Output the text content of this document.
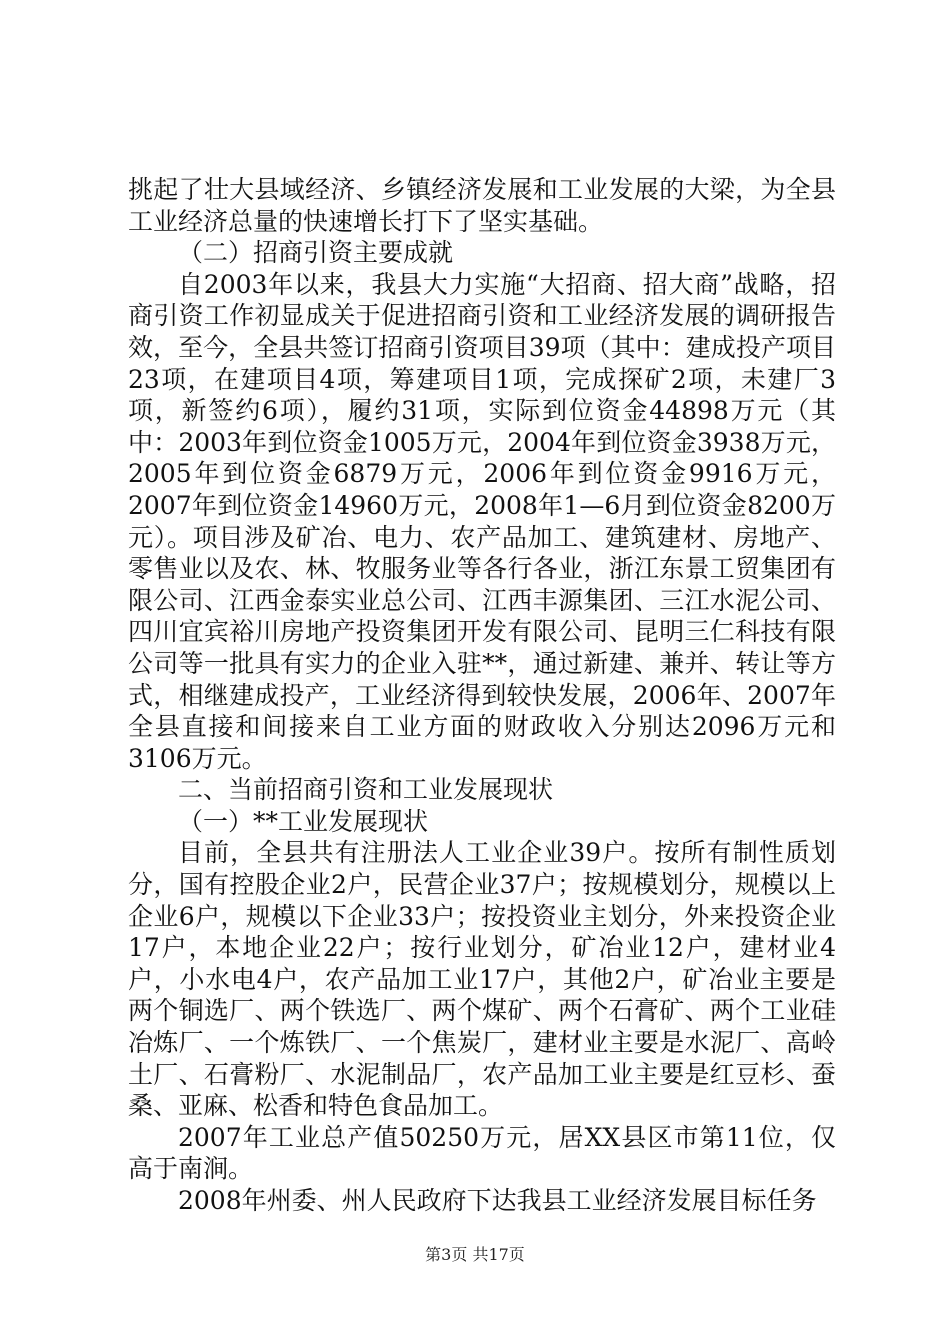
挑起了壮大县域经济、乡镇经济发展和工业发展的大梁，为全县工业经济总量的快速增长打下了坚实基础。

（二）招商引资主要成就

自2003年以来，我县大力实施“大招商、招大商”战略，招商引资工作初显成关于促进招商引资和工业经济发展的调研报告效，至今，全县共签订招商引资项目39项（其中：建成投产项目23项，在建项目4项，筹建项目1项，完成探矿2项，未建厂3项，新签约6项），履约31项，实际到位资金44898万元（其中：2003年到位资金1005万元，2004年到位资金3938万元，2005年到位资金6879万元，2006年到位资金9916万元，2007年到位资金14960万元，2008年1—6月到位资金8200万元）。项目涉及矿冶、电力、农产品加工、建筑建材、房地产、零售业以及农、林、牧服务业等各行各业，浙江东景工贸集团有限公司、江西金泰实业总公司、江西丰源集团、三江水泥公司、四川宜宾裕川房地产投资集团开发有限公司、昆明三仁科技有限公司等一批具有实力的企业入驻**，通过新建、兼并、转让等方式，相继建成投产，工业经济得到较快发展，2006年、2007年全县直接和间接来自工业方面的财政收入分别达2096万元和3106万元。

二、当前招商引资和工业发展现状

（一）**工业发展现状

目前，全县共有注册法人工业企业39户。按所有制性质划分，国有控股企业2户，民营企业37户；按规模划分，规模以上企业6户，规模以下企业33户；按投资业主划分，外来投资企业17户，本地企业22户；按行业划分，矿冶业12户，建材业4户，小水电4户，农产品加工业17户，其他2户，矿冶业主要是两个铜选厂、两个铁选厂、两个煤矿、两个石膏矿、两个工业硅冶炼厂、一个炼铁厂、一个焦炭厂，建材业主要是水泥厂、高岭土厂、石膏粉厂、水泥制品厂，农产品加工业主要是红豆杉、蚕桑、亚麻、松香和特色食品加工。

2007年工业总产值50250万元，居XX县区市第11位，仅高于南涧。

2008年州委、州人民政府下达我县工业经济发展目标任务

第3页 共17页
